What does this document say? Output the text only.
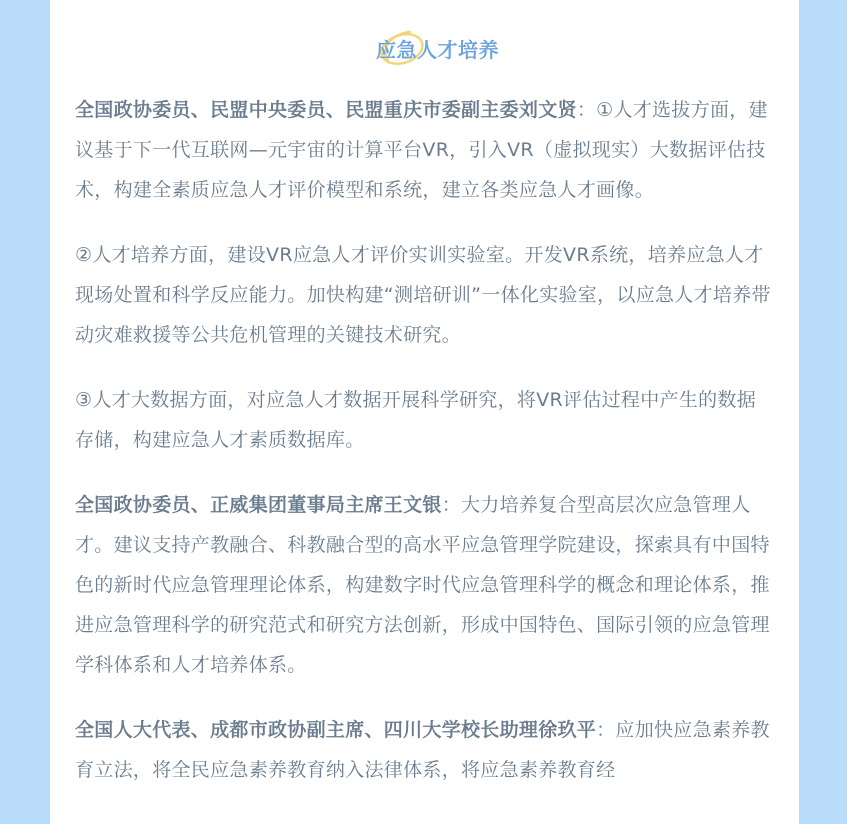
应急人才培养

全国政协委员、民盟中央委员、民盟重庆市委副主委刘文贤：①人才选拔方面，建议基于下一代互联网—元宇宙的计算平台VR，引入VR（虚拟现实）大数据评估技术，构建全素质应急人才评价模型和系统，建立各类应急人才画像。

②人才培养方面，建设VR应急人才评价实训实验室。开发VR系统，培养应急人才现场处置和科学反应能力。加快构建“测培研训”一体化实验室，以应急人才培养带动灾难救援等公共危机管理的关键技术研究。

③人才大数据方面，对应急人才数据开展科学研究，将VR评估过程中产生的数据存储，构建应急人才素质数据库。

全国政协委员、正威集团董事局主席王文银：大力培养复合型高层次应急管理人才。建议支持产教融合、科教融合型的高水平应急管理学院建设，探索具有中国特色的新时代应急管理理论体系，构建数字时代应急管理科学的概念和理论体系，推进应急管理科学的研究范式和研究方法创新，形成中国特色、国际引领的应急管理学科体系和人才培养体系。

全国人大代表、成都市政协副主席、四川大学校长助理徐玖平：应加快应急素养教育立法，将全民应急素养教育纳入法律体系，将应急素养教育经
